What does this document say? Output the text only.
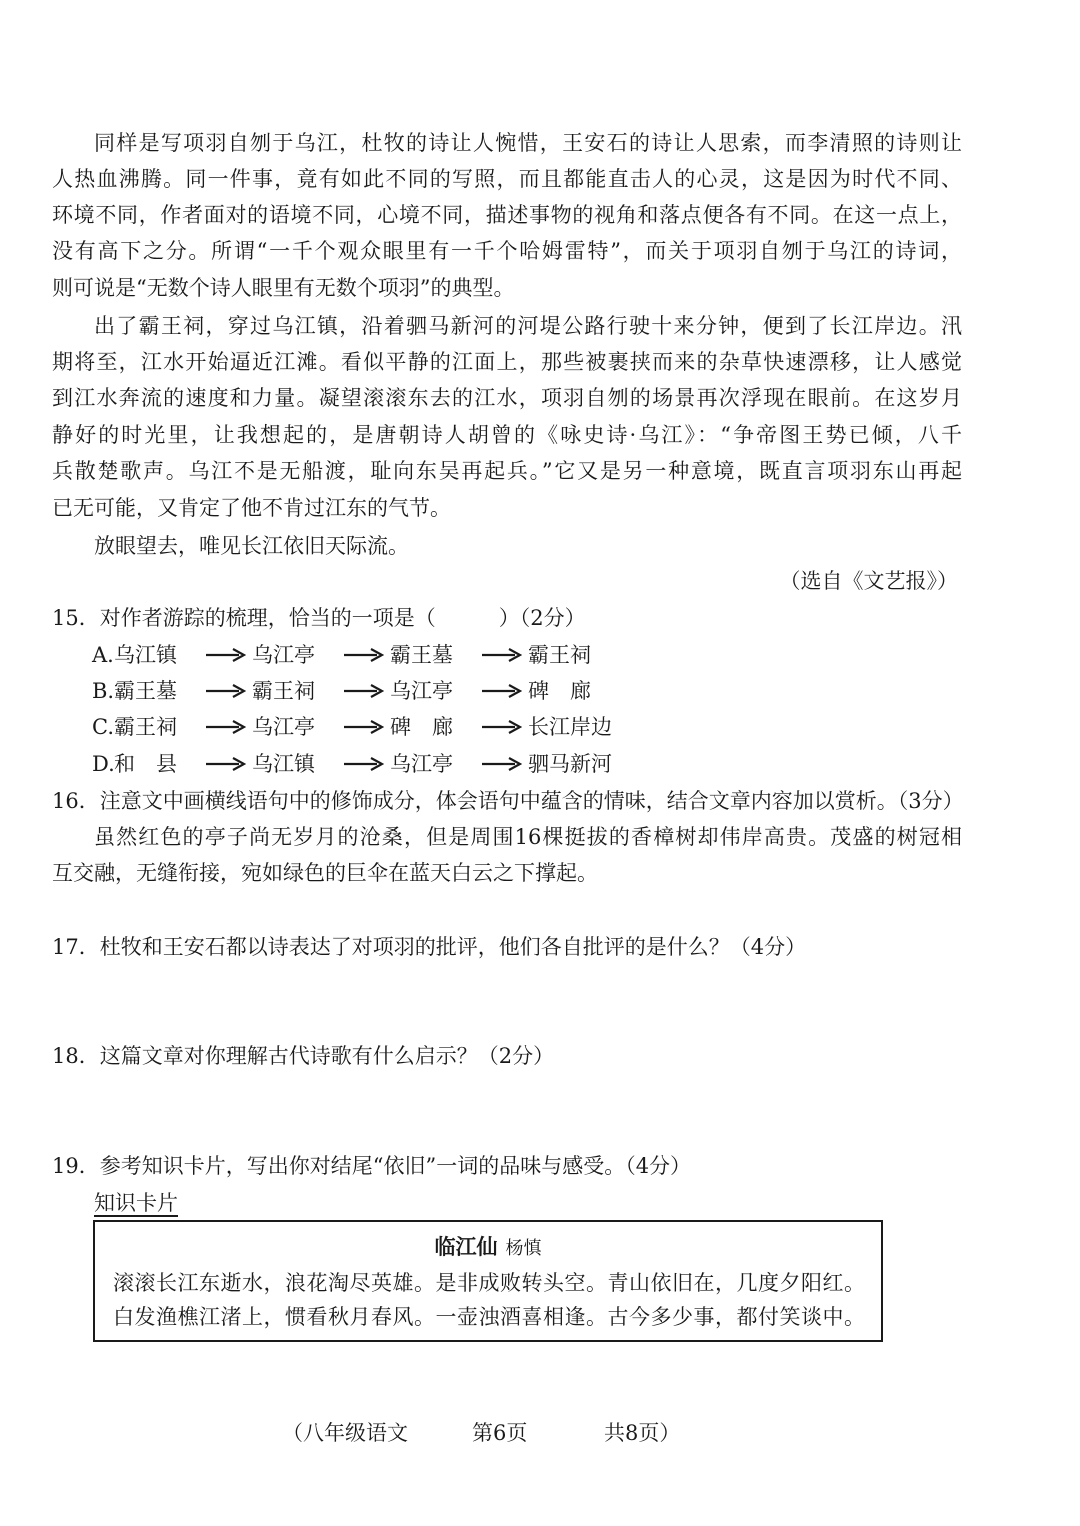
同样是写项羽自刎于乌江，杜牧的诗让人惋惜，王安石的诗让人思索，而李清照的诗则让
人热血沸腾。同一件事，竟有如此不同的写照，而且都能直击人的心灵，这是因为时代不同、
环境不同，作者面对的语境不同，心境不同，描述事物的视角和落点便各有不同。在这一点上，
没有高下之分。所谓“一千个观众眼里有一千个哈姆雷特”，而关于项羽自刎于乌江的诗词，
则可说是“无数个诗人眼里有无数个项羽”的典型。
出了霸王祠，穿过乌江镇，沿着驷马新河的河堤公路行驶十来分钟，便到了长江岸边。汛
期将至，江水开始逼近江滩。看似平静的江面上，那些被裹挟而来的杂草快速漂移，让人感觉
到江水奔流的速度和力量。凝望滚滚东去的江水，项羽自刎的场景再次浮现在眼前。在这岁月
静好的时光里，让我想起的，是唐朝诗人胡曾的《咏史诗·乌江》：“争帝图王势已倾，八千
兵散楚歌声。乌江不是无船渡，耻向东吴再起兵。”它又是另一种意境，既直言项羽东山再起
已无可能，又肯定了他不肯过江东的气节。
放眼望去，唯见长江依旧天际流。
（选自《文艺报》）
15．对作者游踪的梳理，恰当的一项是（　　　）（2分）
A. 乌江镇	乌江亭	霸王墓	霸王祠
B. 霸王墓	霸王祠	乌江亭	碑　廊
C. 霸王祠	乌江亭	碑　廊	长江岸边
D. 和　县	乌江镇	乌江亭	驷马新河
16．注意文中画横线语句中的修饰成分，体会语句中蕴含的情味，结合文章内容加以赏析。（3分）
虽然红色的亭子尚无岁月的沧桑，但是周围16棵挺拔的香樟树却伟岸高贵。茂盛的树冠相
互交融，无缝衔接，宛如绿色的巨伞在蓝天白云之下撑起。
17．杜牧和王安石都以诗表达了对项羽的批评，他们各自批评的是什么？（4分）
18．这篇文章对你理解古代诗歌有什么启示？（2分）
19．参考知识卡片，写出你对结尾“依旧”一词的品味与感受。（4分）
知识卡片
临江仙 杨慎
滚滚长江东逝水，浪花淘尽英雄。是非成败转头空。青山依旧在，几度夕阳红。
白发渔樵江渚上，惯看秋月春风。一壶浊酒喜相逢。古今多少事，都付笑谈中。
（八年级语文	第6页	共8页）
